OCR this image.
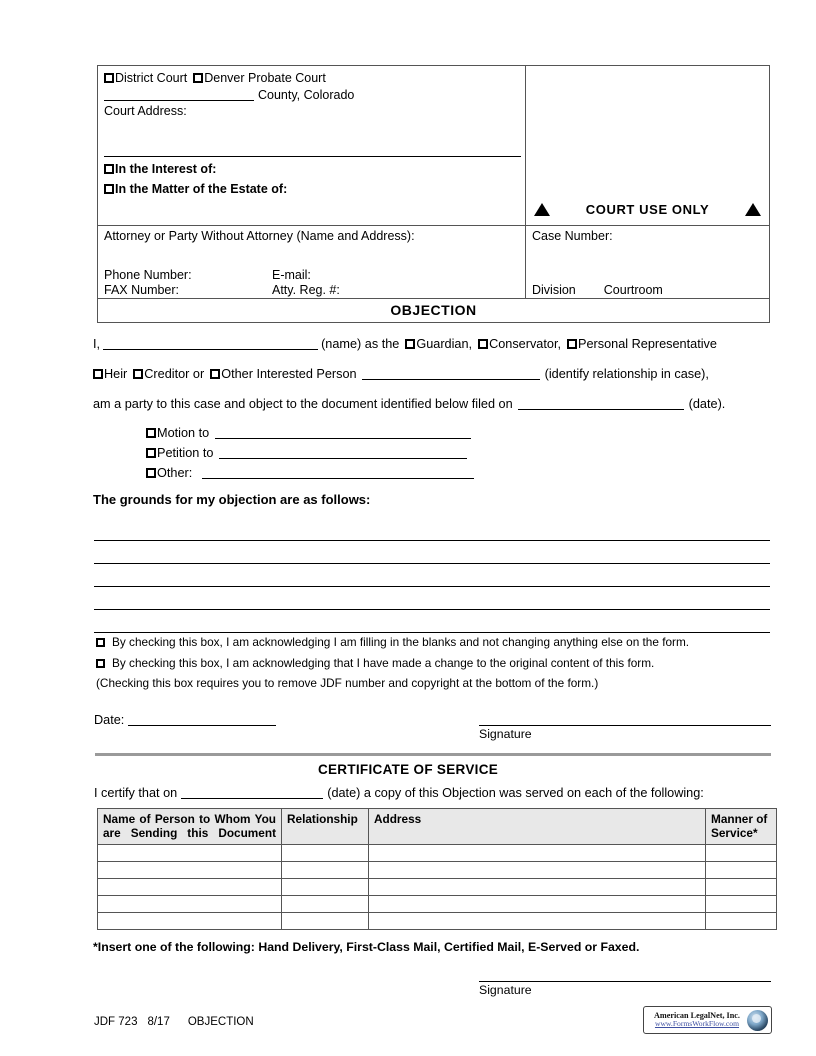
District Court Denver Probate Court
County, Colorado
Court Address:
In the Interest of:
In the Matter of the Estate of:
COURT USE ONLY
Attorney or Party Without Attorney (Name and Address):
Phone Number:	E-mail:
FAX Number:	Atty. Reg. #:
Case Number:
Division Courtroom
OBJECTION
I,	(name) as the Guardian, Conservator, Personal Representative
Heir Creditor or Other Interested Person	(identify relationship in case),
am a party to this case and object to the document identified below filed on	(date).
Motion to
Petition to
Other:
The grounds for my objection are as follows:
By checking this box, I am acknowledging I am filling in the blanks and not changing anything else on the form.
By checking this box, I am acknowledging that I have made a change to the original content of this form.
(Checking this box requires you to remove JDF number and copyright at the bottom of the form.)
Date:
Signature
CERTIFICATE OF SERVICE
I certify that on	(date) a copy of this Objection was served on each of the following:
Name of Person to Whom You are Sending this Document	Relationship	Address	Manner of Service*

*Insert one of the following: Hand Delivery, First-Class Mail, Certified Mail, E-Served or Faxed.
Signature
JDF 723 8/17 OBJECTION
American LegalNet, Inc.
www.FormsWorkFlow.com
